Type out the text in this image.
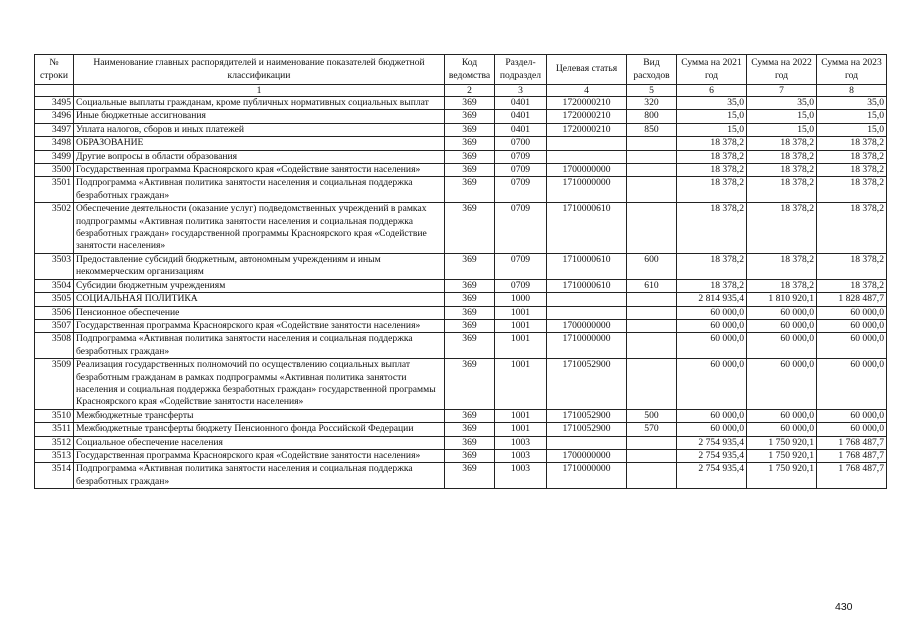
№ строки	Наименование главных распорядителей и наименование показателей бюджетной классификации	Код ведомства	Раздел-подраздел	Целевая статья	Вид расходов	Сумма на 2021 год	Сумма на 2022 год	Сумма на 2023 год
	1	2	3	4	5	6	7	8
3495	Социальные выплаты гражданам, кроме публичных нормативных социальных выплат	369	0401	1720000210	320	35,0	35,0	35,0
3496	Иные бюджетные ассигнования	369	0401	1720000210	800	15,0	15,0	15,0
3497	Уплата налогов, сборов и иных платежей	369	0401	1720000210	850	15,0	15,0	15,0
3498	ОБРАЗОВАНИЕ	369	0700			18 378,2	18 378,2	18 378,2
3499	Другие вопросы в области образования	369	0709			18 378,2	18 378,2	18 378,2
3500	Государственная программа Красноярского края «Содействие занятости населения»	369	0709	1700000000		18 378,2	18 378,2	18 378,2
3501	Подпрограмма «Активная политика занятости населения и социальная поддержка безработных граждан»	369	0709	1710000000		18 378,2	18 378,2	18 378,2
3502	Обеспечение деятельности (оказание услуг) подведомственных учреждений в рамках подпрограммы «Активная политика занятости населения и социальная поддержка безработных граждан» государственной программы Красноярского края «Содействие занятости населения»	369	0709	1710000610		18 378,2	18 378,2	18 378,2
3503	Предоставление субсидий бюджетным, автономным учреждениям и иным некоммерческим организациям	369	0709	1710000610	600	18 378,2	18 378,2	18 378,2
3504	Субсидии бюджетным учреждениям	369	0709	1710000610	610	18 378,2	18 378,2	18 378,2
3505	СОЦИАЛЬНАЯ ПОЛИТИКА	369	1000			2 814 935,4	1 810 920,1	1 828 487,7
3506	Пенсионное обеспечение	369	1001			60 000,0	60 000,0	60 000,0
3507	Государственная программа Красноярского края «Содействие занятости населения»	369	1001	1700000000		60 000,0	60 000,0	60 000,0
3508	Подпрограмма «Активная политика занятости населения и социальная поддержка безработных граждан»	369	1001	1710000000		60 000,0	60 000,0	60 000,0
3509	Реализация государственных полномочий по осуществлению социальных выплат безработным гражданам в рамках подпрограммы «Активная политика занятости населения и социальная поддержка безработных граждан» государственной программы Красноярского края «Содействие занятости населения»	369	1001	1710052900		60 000,0	60 000,0	60 000,0
3510	Межбюджетные трансферты	369	1001	1710052900	500	60 000,0	60 000,0	60 000,0
3511	Межбюджетные трансферты бюджету Пенсионного фонда Российской Федерации	369	1001	1710052900	570	60 000,0	60 000,0	60 000,0
3512	Социальное обеспечение населения	369	1003			2 754 935,4	1 750 920,1	1 768 487,7
3513	Государственная программа Красноярского края «Содействие занятости населения»	369	1003	1700000000		2 754 935,4	1 750 920,1	1 768 487,7
3514	Подпрограмма «Активная политика занятости населения и социальная поддержка безработных граждан»	369	1003	1710000000		2 754 935,4	1 750 920,1	1 768 487,7
430
